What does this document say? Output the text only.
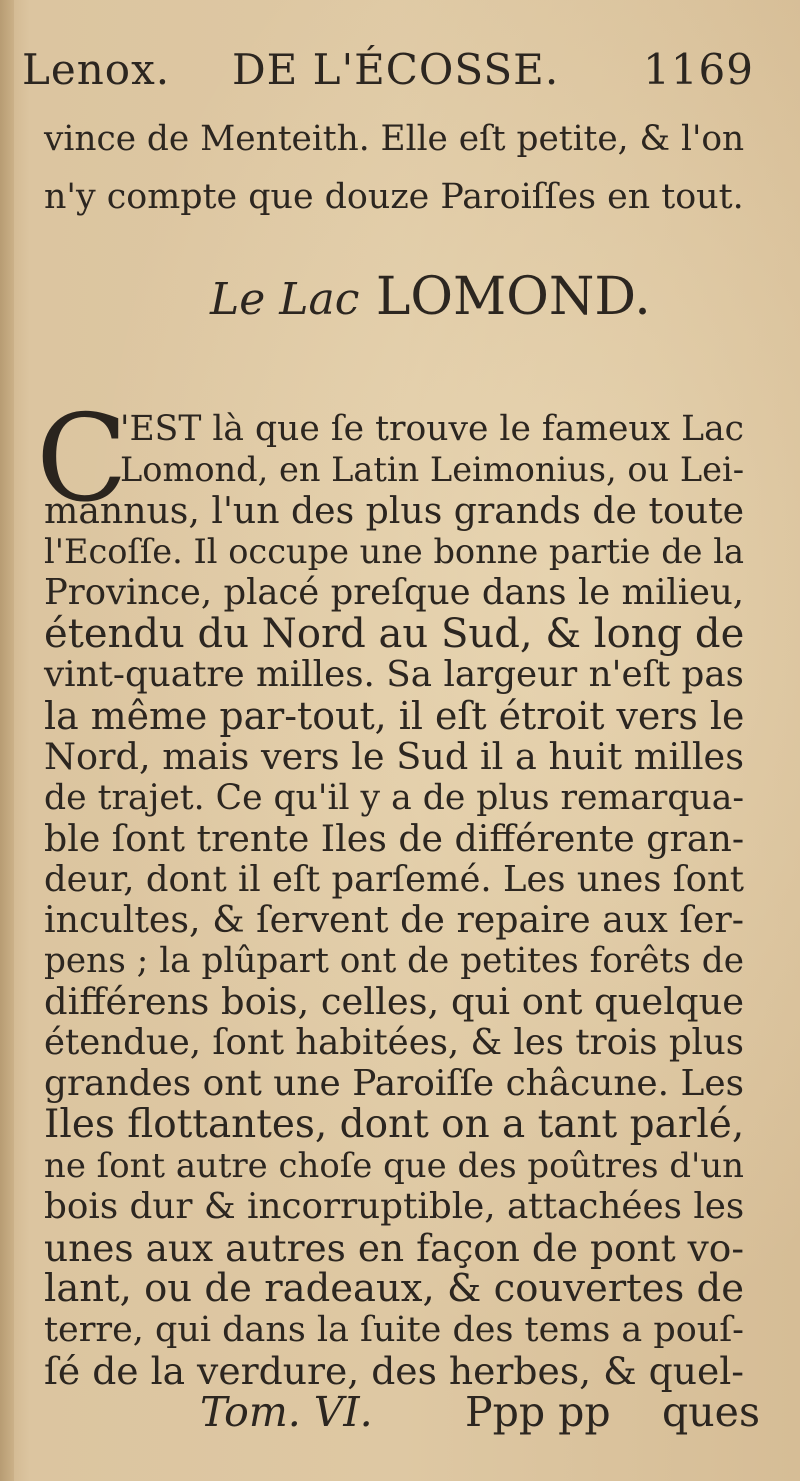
Lenox. DE L'ÉCOSSE. 1169
vince de Menteith. Elle eſt petite, & l'on
n'y compte que douze Paroiſſes en tout.
Le Lac LOMOND.
C
'EST là que ſe trouve le fameux Lac
Lomond, en Latin Leimonius, ou Lei-
mannus, l'un des plus grands de toute
l'Ecoſſe. Il occupe une bonne partie de la
Province, placé preſque dans le milieu,
étendu du Nord au Sud, & long de
vint-quatre milles. Sa largeur n'eſt pas
la même par-tout, il eſt étroit vers le
Nord, mais vers le Sud il a huit milles
de trajet. Ce qu'il y a de plus remarqua-
ble ſont trente Iles de différente gran-
deur, dont il eſt parſemé. Les unes ſont
incultes, & ſervent de repaire aux ſer-
pens ; la plûpart ont de petites forêts de
différens bois, celles, qui ont quelque
étendue, ſont habitées, & les trois plus
grandes ont une Paroiſſe châcune. Les
Iles flottantes, dont on a tant parlé,
ne ſont autre choſe que des poûtres d'un
bois dur & incorruptible, attachées les
unes aux autres en façon de pont vo-
lant, ou de radeaux, & couvertes de
terre, qui dans la ſuite des tems a pouſ-
ſé de la verdure, des herbes, & quel-
Tom. VI. Ppp pp ques
